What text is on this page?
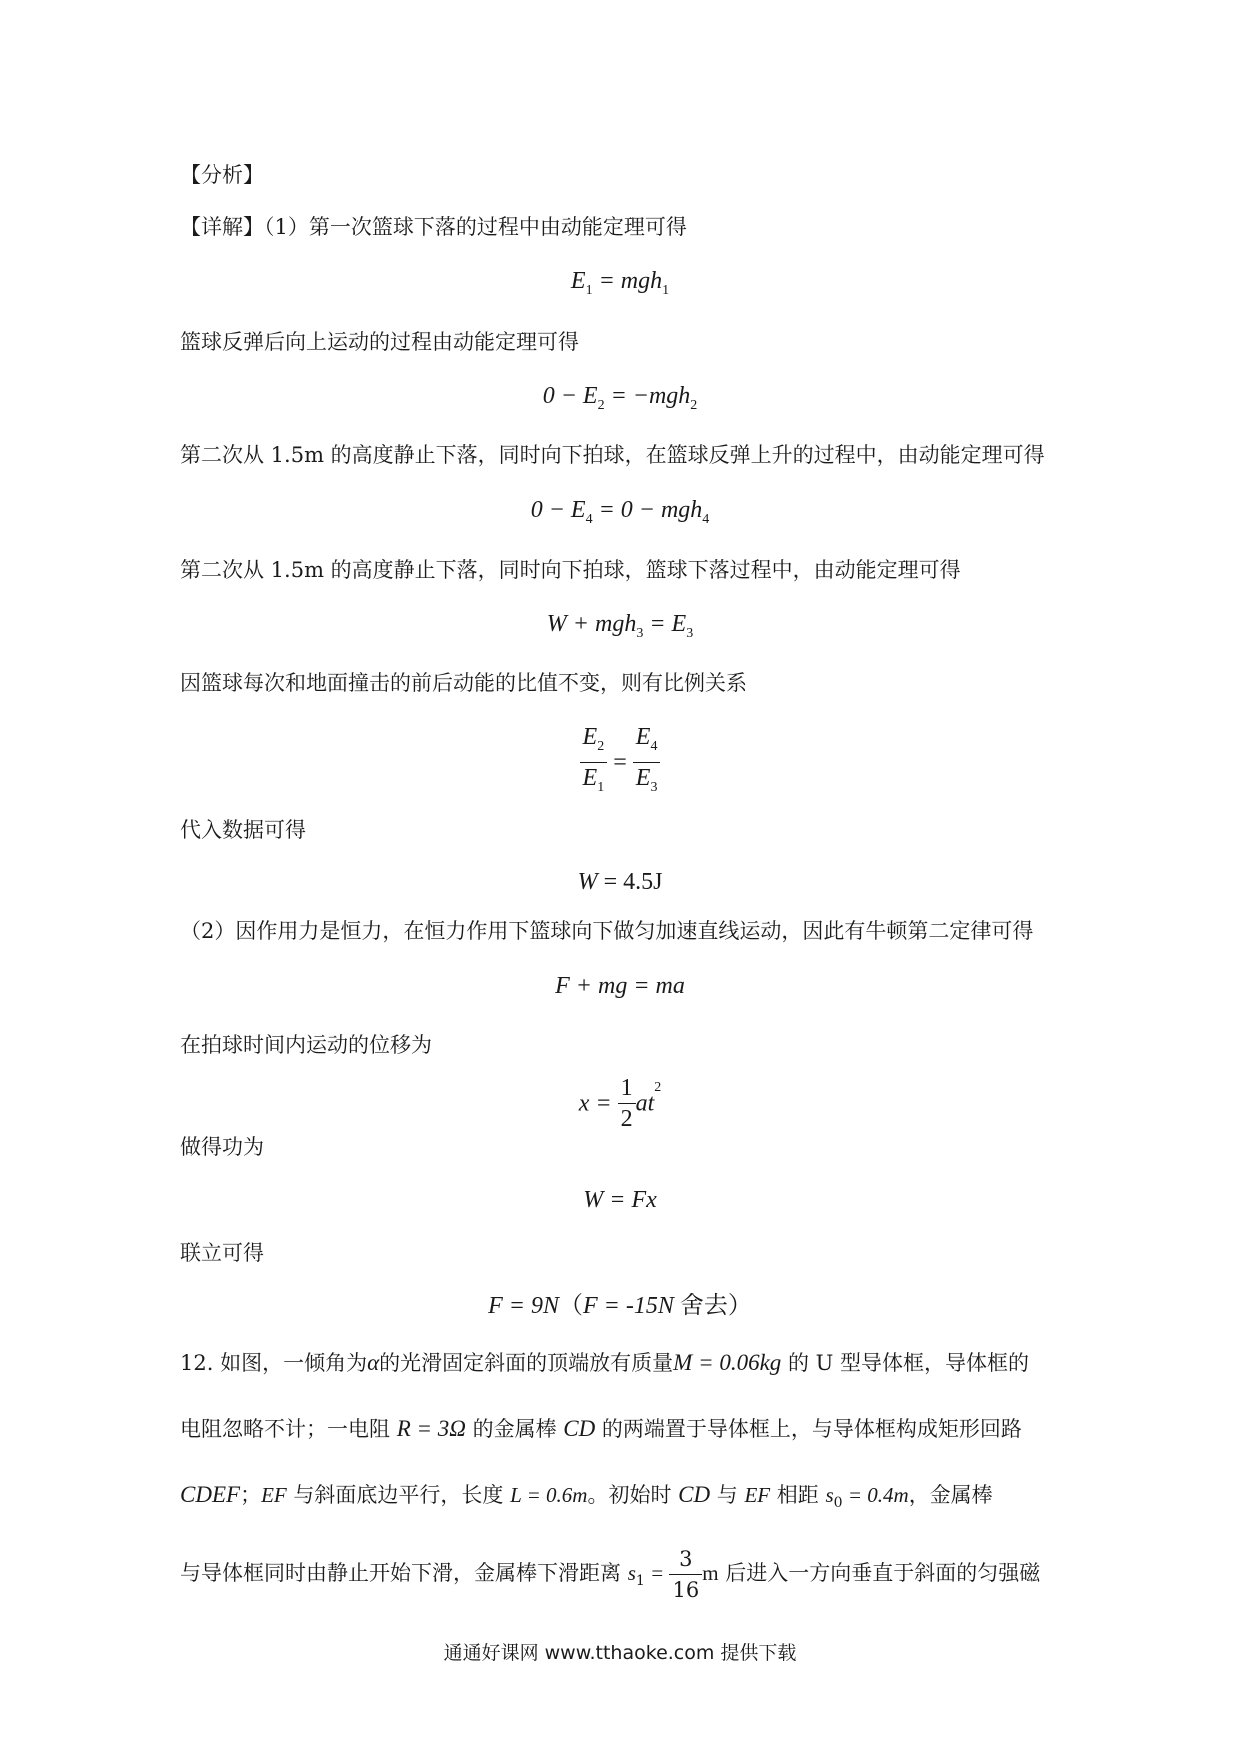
【分析】
【详解】（1）第一次篮球下落的过程中由动能定理可得
$E_1 = mgh_1$
篮球反弹后向上运动的过程由动能定理可得
$0 - E_2 = -mgh_2$
第二次从 1.5m 的高度静止下落，同时向下拍球，在篮球反弹上升的过程中，由动能定理可得
$0 - E_4 = 0 - mgh_4$
第二次从 1.5m 的高度静止下落，同时向下拍球，篮球下落过程中，由动能定理可得
$W + mgh_3 = E_3$
因篮球每次和地面撞击的前后动能的比值不变，则有比例关系
$\frac{E_2}{E_1} = \frac{E_4}{E_3}$
代入数据可得
W = 4.5J
（2）因作用力是恒力，在恒力作用下篮球向下做匀加速直线运动，因此有牛顿第二定律可得
F + mg = ma
在拍球时间内运动的位移为
$x = \frac{1}{2} at^2$
做得功为
W = Fx
联立可得
F = 9N（F = -15N 舍去）
12. 如图，一倾角为α的光滑固定斜面的顶端放有质量M = 0.06kg 的 U 型导体框，导体框的
电阻忽略不计；一电阻 R = 3Ω 的金属棒 CD 的两端置于导体框上，与导体框构成矩形回路
CDEF；EF 与斜面底边平行，长度 L = 0.6m。初始时 CD 与 EF 相距 $s_0 = 0.4m$，金属棒
与导体框同时由静止开始下滑，金属棒下滑距离 $s_1 = \frac{3}{16}$ m 后进入一方向垂直于斜面的匀强磁
通通好课网 www.tthaoke.com 提供下载
